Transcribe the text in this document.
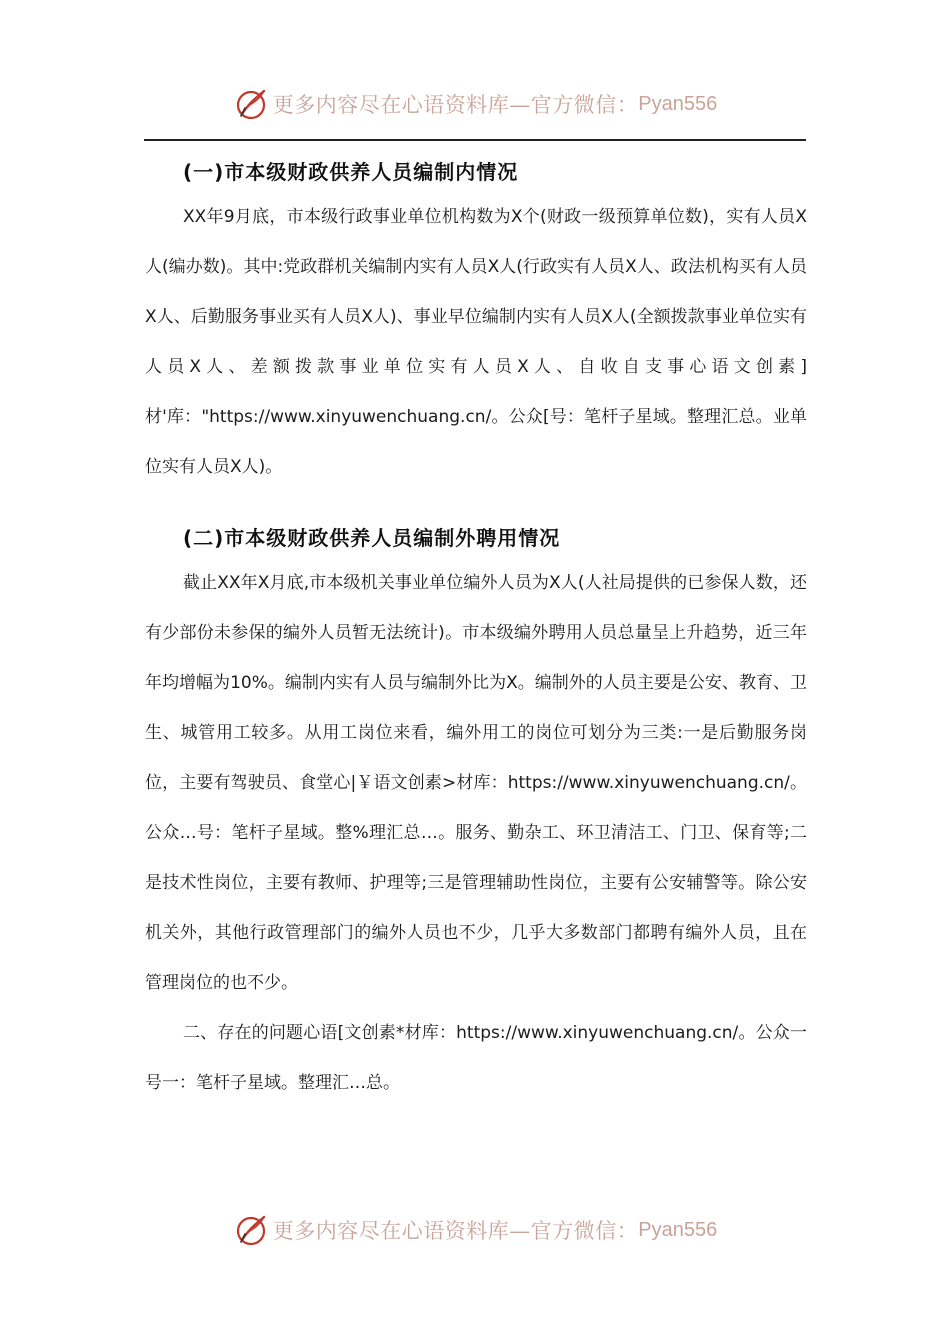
更多内容尽在心语资料库—官方微信： Pyan556
(一)市本级财政供养人员编制内情况

XX年9月底，市本级行政事业单位机构数为X个(财政一级预算单位数)，实有人员X人(编办数)。其中:党政群机关编制内实有人员X人(行政实有人员X人、政法机构买有人员X人、后勤服务事业买有人员X人)、事业早位编制内实有人员X人(全额拨款事业单位实有人员X人、差额拨款事业单位实有人员X人、自收自支事心语文创素]材'库："https://www.xinyuwenchuang.cn/。公众[号：笔杆子星域。整理汇总。业单位实有人员X人)。

(二)市本级财政供养人员编制外聘用情况

截止XX年X月底,市本级机关事业单位编外人员为X人(人社局提供的已参保人数，还有少部份未参保的编外人员暂无法统计)。市本级编外聘用人员总量呈上升趋势，近三年年均增幅为10%。编制内实有人员与编制外比为X。编制外的人员主要是公安、教育、卫生、城管用工较多。从用工岗位来看，编外用工的岗位可划分为三类:一是后勤服务岗位，主要有驾驶员、食堂心|￥语文创素>材库：https://www.xinyuwenchuang.cn/。公众…号：笔杆子星域。整%理汇总…。服务、勤杂工、环卫清洁工、门卫、保育等;二是技术性岗位，主要有教师、护理等;三是管理辅助性岗位，主要有公安辅警等。除公安机关外，其他行政管理部门的编外人员也不少，几乎大多数部门都聘有编外人员，且在管理岗位的也不少。

二、存在的问题心语[文创素*材库：https://www.xinyuwenchuang.cn/。公众一号一：笔杆子星域。整理汇…总。

更多内容尽在心语资料库—官方微信： Pyan556
